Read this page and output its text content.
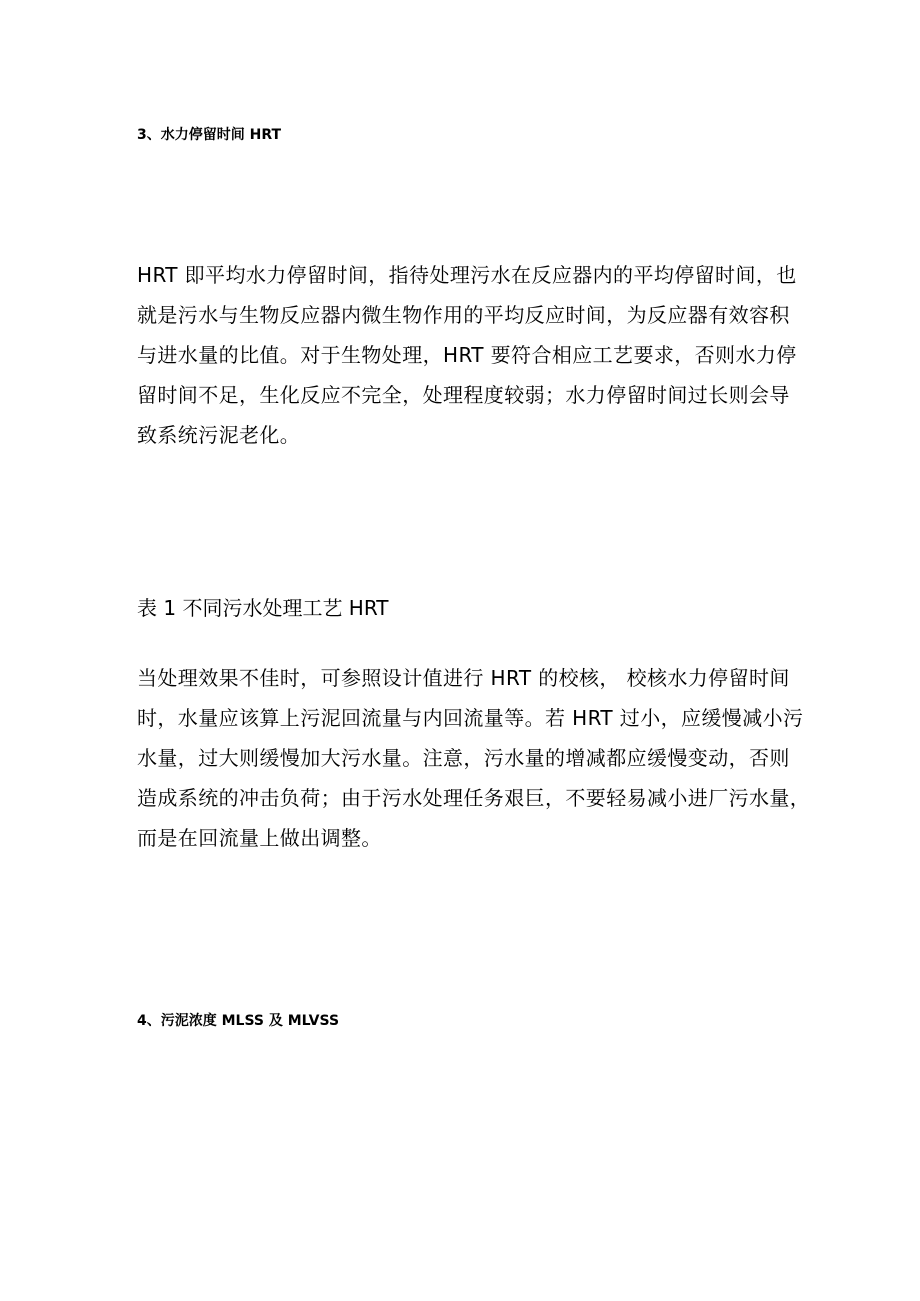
3、水力停留时间 HRT
HRT 即平均水力停留时间，指待处理污水在反应器内的平均停留时间，也
就是污水与生物反应器内微生物作用的平均反应时间，为反应器有效容积
与进水量的比值。对于生物处理，HRT 要符合相应工艺要求，否则水力停
留时间不足，生化反应不完全，处理程度较弱；水力停留时间过长则会导
致系统污泥老化。
表 1 不同污水处理工艺 HRT
当处理效果不佳时，可参照设计值进行 HRT 的校核， 校核水力停留时间
时，水量应该算上污泥回流量与内回流量等。若 HRT 过小，应缓慢减小污
水量，过大则缓慢加大污水量。注意，污水量的增减都应缓慢变动，否则
造成系统的冲击负荷；由于污水处理任务艰巨，不要轻易减小进厂污水量，
而是在回流量上做出调整。
4、污泥浓度 MLSS 及 MLVSS
